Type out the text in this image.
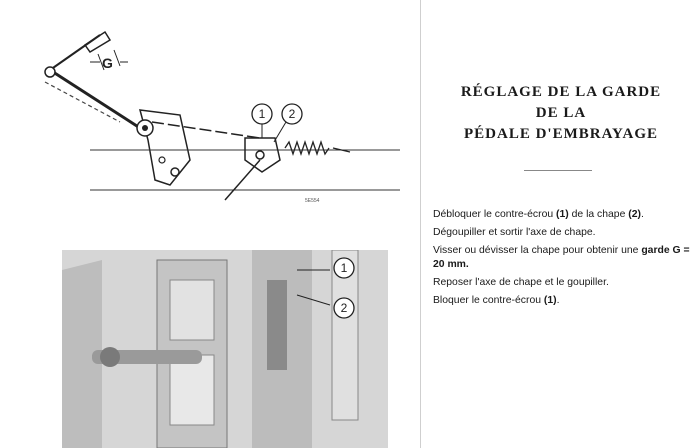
1 2
G
5E554
1
2
RÉGLAGE DE LA GARDE
DE LA
PÉDALE D'EMBRAYAGE
Débloquer le contre-écrou (1) de la chape (2).
Dégoupiller et sortir l'axe de chape.
Visser ou dévisser la chape pour obtenir une garde G = 20 mm.
Reposer l'axe de chape et le goupiller.
Bloquer le contre-écrou (1).
